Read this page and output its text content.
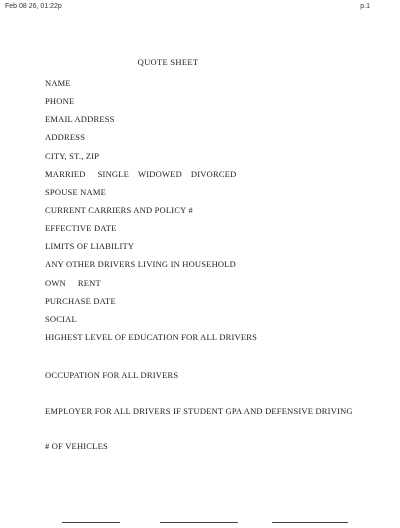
Feb 08 26, 01:22p	p.1
QUOTE SHEET
NAME
PHONE
EMAIL ADDRESS
ADDRESS
CITY, ST., ZIP
MARRIED SINGLE WIDOWED DIVORCED
SPOUSE NAME
CURRENT CARRIERS AND POLICY #
EFFECTIVE DATE
LIMITS OF LIABILITY
ANY OTHER DRIVERS LIVING IN HOUSEHOLD
OWN RENT
PURCHASE DATE
SOCIAL
HIGHEST LEVEL OF EDUCATION FOR ALL DRIVERS
OCCUPATION FOR ALL DRIVERS
EMPLOYER FOR ALL DRIVERS IF STUDENT GPA AND DEFENSIVE DRIVING
# OF VEHICLES
